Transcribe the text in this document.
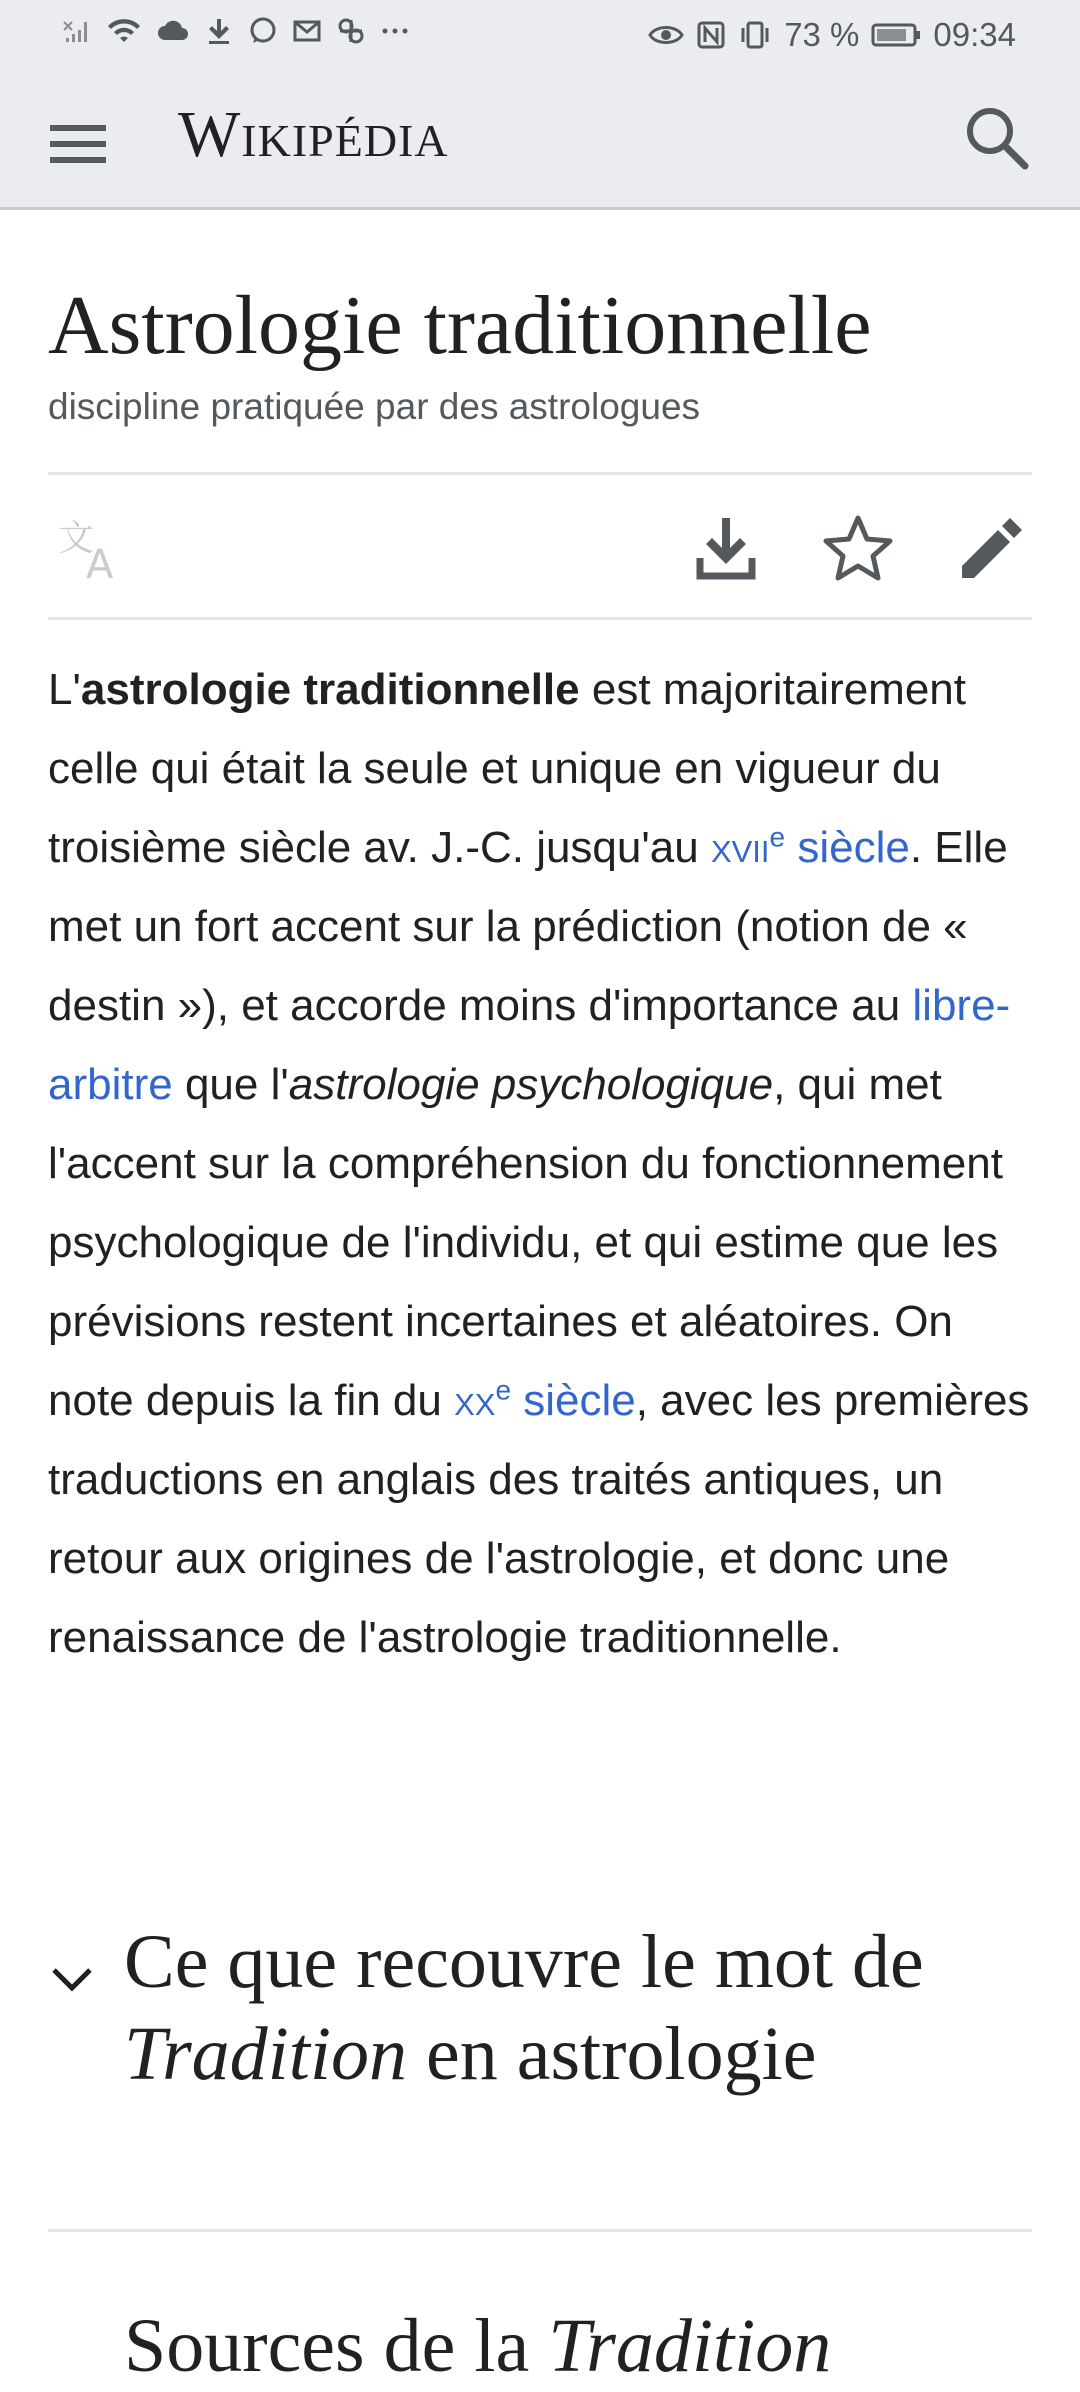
73 % 09:34
Wikipédia
Astrologie traditionnelle
discipline pratiquée par des astrologues
文
A

L'astrologie traditionnelle est majoritairement celle qui était la seule et unique en vigueur du troisième siècle av. J.-C. jusqu'au xvii$^e$ siècle. Elle met un fort accent sur la prédiction (notion de « destin »), et accorde moins d'importance au libre-arbitre que l'astrologie psychologique, qui met l'accent sur la compréhension du fonctionnement psychologique de l'individu, et qui estime que les prévisions restent incertaines et aléatoires. On note depuis la fin du $xx^e$ siècle, avec les premières traductions en anglais des traités antiques, un retour aux origines de l'astrologie, et donc une renaissance de l'astrologie traditionnelle.

Ce que recouvre le mot de Tradition en astrologie
Sources de la Tradition
